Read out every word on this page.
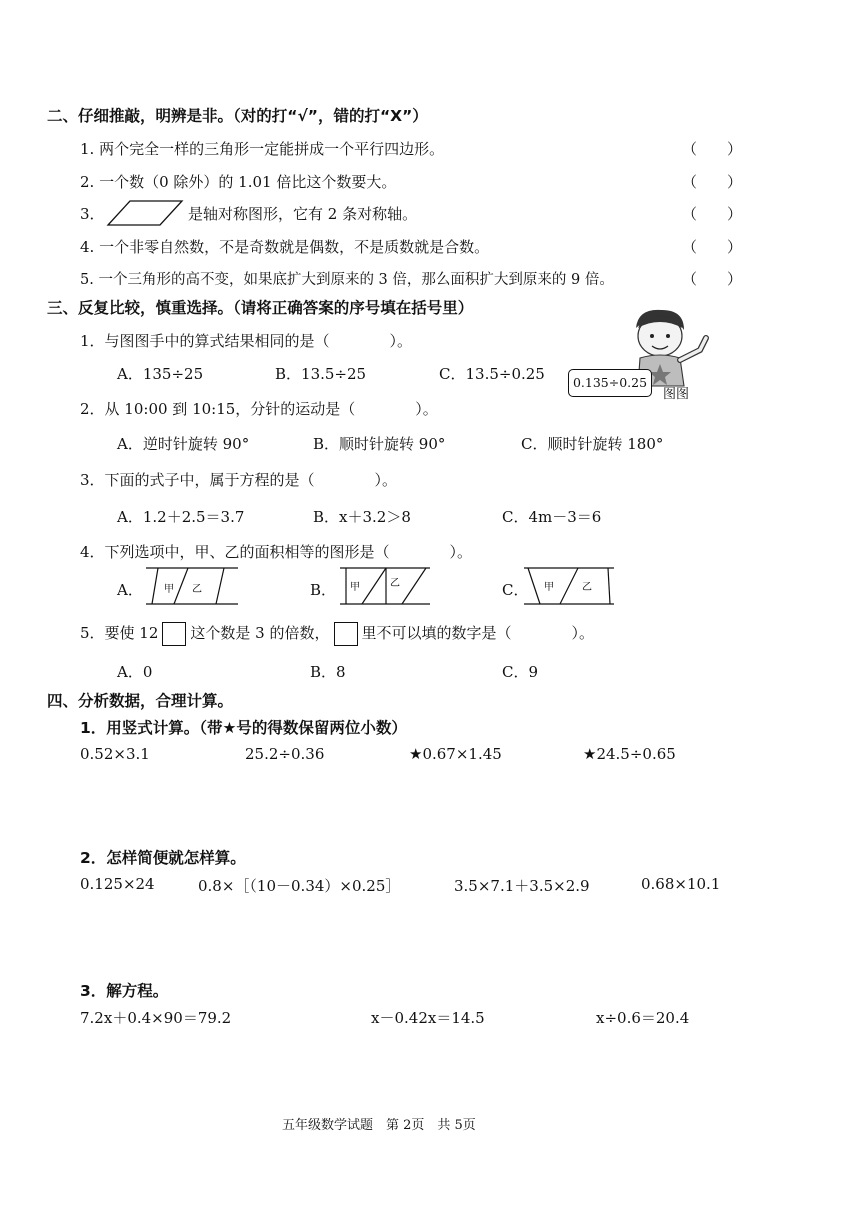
二、仔细推敲，明辨是非。（对的打“√”，错的打“X”）
1. 两个完全一样的三角形一定能拼成一个平行四边形。	（　　）
2. 一个数（0 除外）的 1.01 倍比这个数要大。	（　　）
3．	是轴对称图形，它有 2 条对称轴。	（　　）
4. 一个非零自然数，不是奇数就是偶数，不是质数就是合数。	（　　）
5. 一个三角形的高不变，如果底扩大到原来的 3 倍，那么面积扩大到原来的 9 倍。	（　　）
三、反复比较，慎重选择。（请将正确答案的序号填在括号里）
1．与图图手中的算式结果相同的是（　　　　）。
A．135÷25	B．13.5÷25	C．13.5÷0.25	0.135÷0.25
图图
2．从 10:00 到 10:15，分针的运动是（　　　　）。
A．逆时针旋转 90°	B．顺时针旋转 90°	C．顺时针旋转 180°
3．下面的式子中，属于方程的是（　　　　）。
A．1.2＋2.5＝3.7	B．x＋3.2＞8	C．4m－3＝6
4．下列选项中，甲、乙的面积相等的图形是（　　　　）。
A．	B．	C．
甲 乙	甲	乙	甲	乙
5．要使 12 这个数是 3 的倍数， 里不可以填的数字是（　　　　）。
A．0	B．8	C．9
四、分析数据，合理计算。
1．用竖式计算。（带★号的得数保留两位小数）
0.52×3.1	25.2÷0.36	★0.67×1.45	★24.5÷0.65
2．怎样简便就怎样算。
0.125×24	0.8×［（10－0.34）×0.25］	3.5×7.1＋3.5×2.9	0.68×10.1
3．解方程。
7.2x＋0.4×90＝79.2	x－0.42x＝14.5	x÷0.6＝20.4
五年级数学试题　第 2页　共 5页
